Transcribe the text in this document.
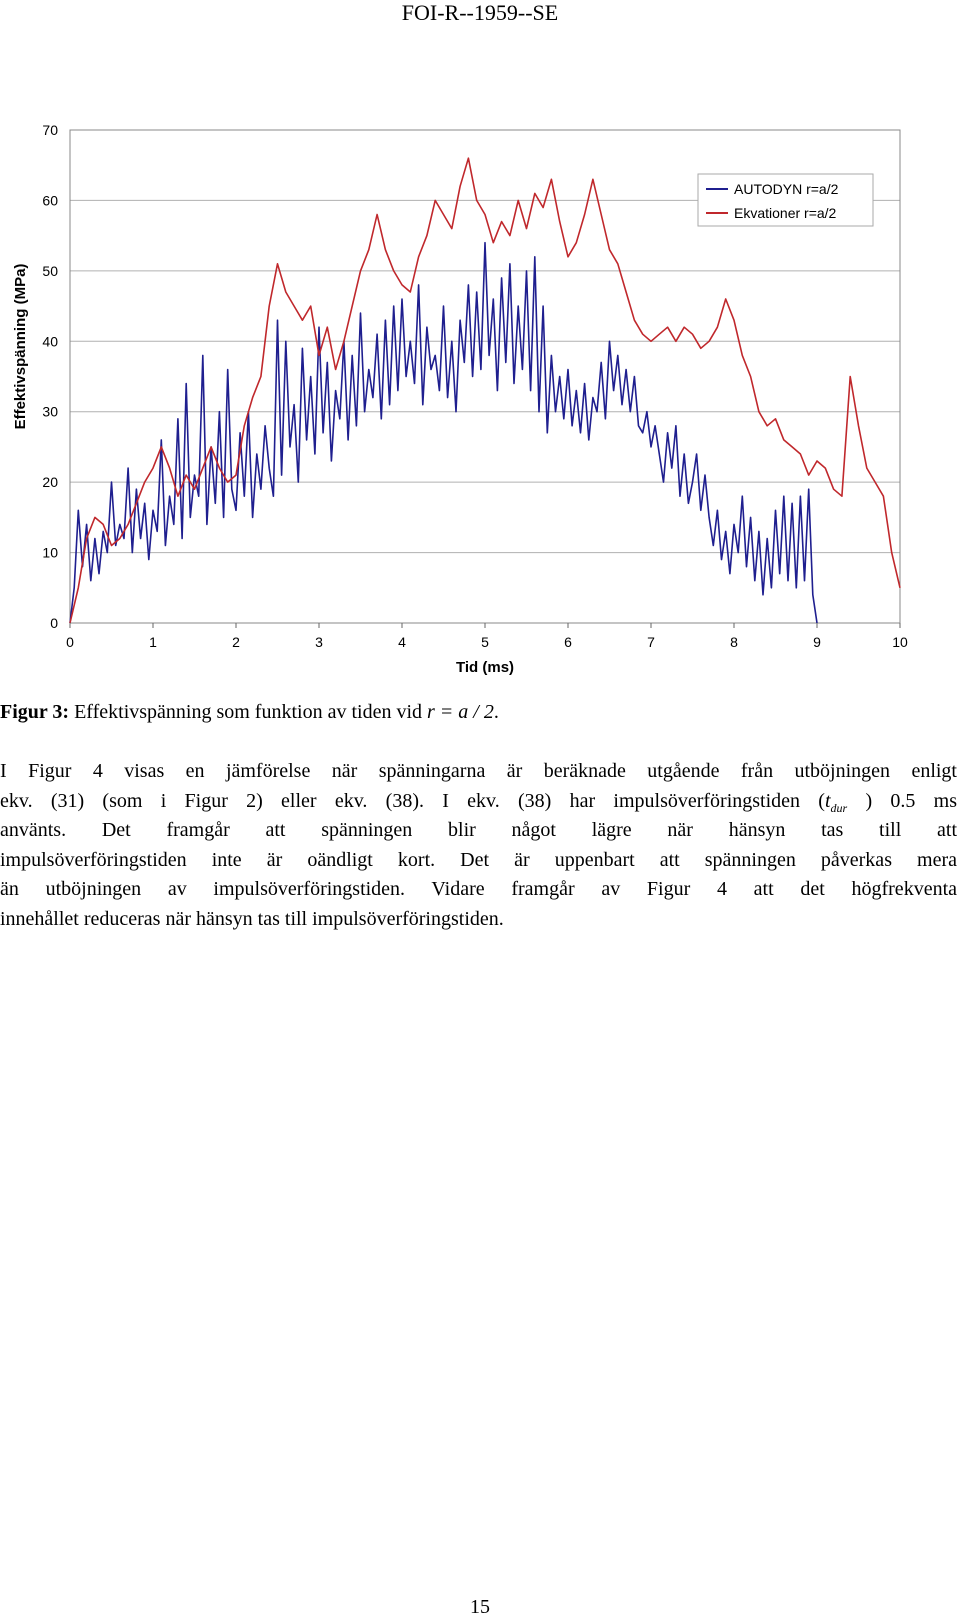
FOI-R--1959--SE
0
10
20
30
40
50
60
70
0	1	2	3	4	5	6	7	8	9	10
Tid (ms)
Effektivspänning (MPa)
AUTODYN r=a/2
Ekvationer r=a/2
Figur 3: Effektivspänning som funktion av tiden vid r = a / 2.
I Figur 4 visas en jämförelse när spänningarna är beräknade utgående från utböjningen enligt
ekv. (31) (som i Figur 2) eller ekv. (38). I ekv. (38) har impulsöverföringstiden ($t_{dur}$ ) 0.5 ms
använts. Det framgår att spänningen blir något lägre när hänsyn tas till att
impulsöverföringstiden inte är oändligt kort. Det är uppenbart att spänningen påverkas mera
än utböjningen av impulsöverföringstiden. Vidare framgår av Figur 4 att det högfrekventa
innehållet reduceras när hänsyn tas till impulsöverföringstiden.
15
